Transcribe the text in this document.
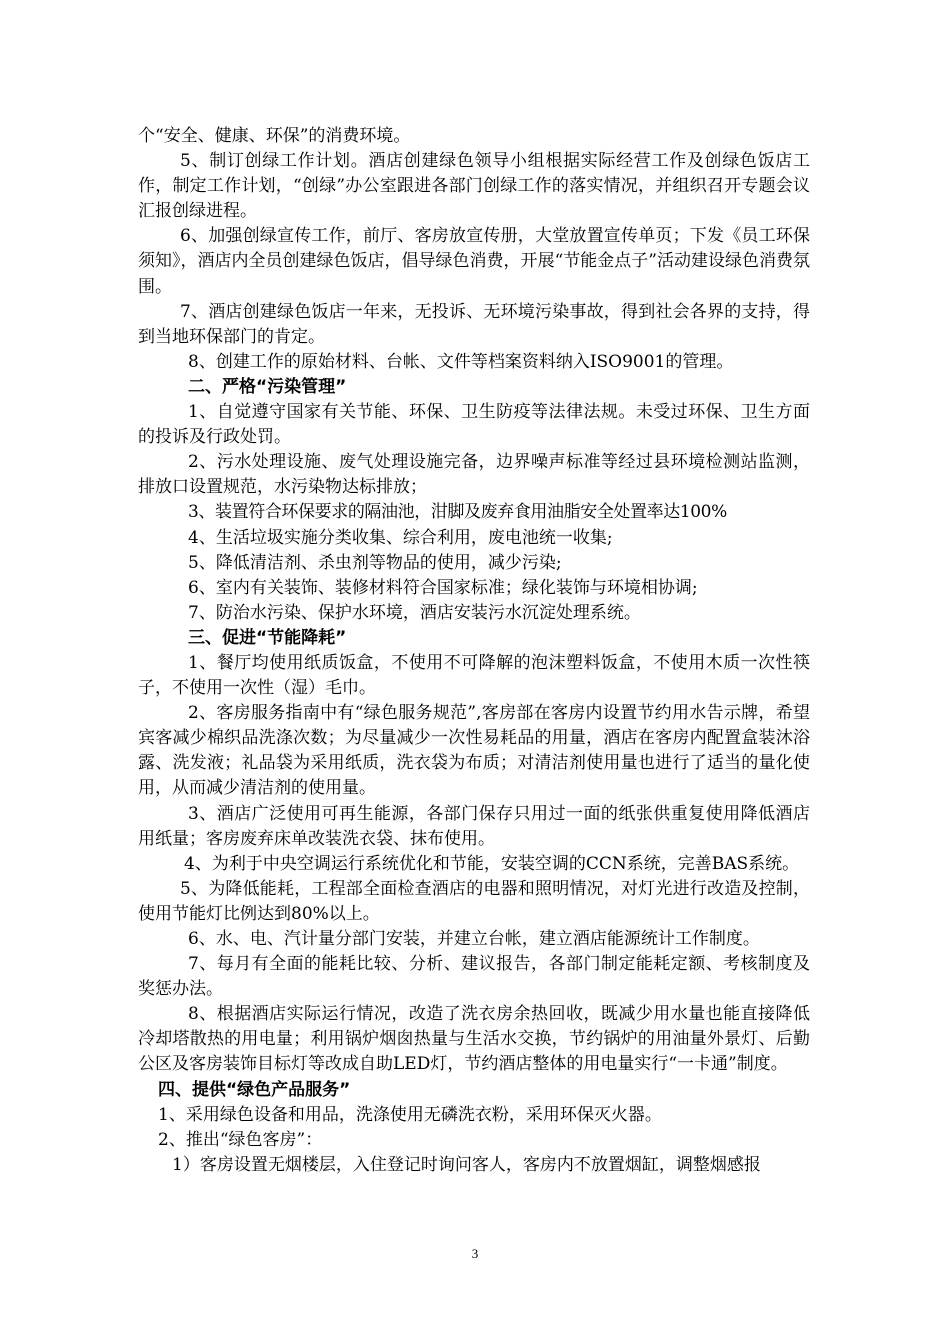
个“安全、健康、环保”的消费环境。

5、制订创绿工作计划。酒店创建绿色领导小组根据实际经营工作及创绿色饭店工作，制定工作计划，“创绿”办公室跟进各部门创绿工作的落实情况，并组织召开专题会议汇报创绿进程。

6、加强创绿宣传工作，前厅、客房放宣传册，大堂放置宣传单页；下发《员工环保须知》，酒店内全员创建绿色饭店，倡导绿色消费，开展“节能金点子”活动建设绿色消费氛围。

7、酒店创建绿色饭店一年来，无投诉、无环境污染事故，得到社会各界的支持，得到当地环保部门的肯定。

8、创建工作的原始材料、台帐、文件等档案资料纳入ISO9001的管理。

二、严格“污染管理”

1、自觉遵守国家有关节能、环保、卫生防疫等法律法规。未受过环保、卫生方面的投诉及行政处罚。

2、污水处理设施、废气处理设施完备，边界噪声标准等经过县环境检测站监测，排放口设置规范，水污染物达标排放；

3、装置符合环保要求的隔油池，泔脚及废弃食用油脂安全处置率达100%

4、生活垃圾实施分类收集、综合利用，废电池统一收集;

5、降低清洁剂、杀虫剂等物品的使用，减少污染;

6、室内有关装饰、装修材料符合国家标准；绿化装饰与环境相协调;

7、防治水污染、保护水环境，酒店安装污水沉淀处理系统。

三、促进“节能降耗”

1、餐厅均使用纸质饭盒，不使用不可降解的泡沫塑料饭盒，不使用木质一次性筷子，不使用一次性（湿）毛巾。

2、客房服务指南中有“绿色服务规范”,客房部在客房内设置节约用水告示牌，希望宾客减少棉织品洗涤次数；为尽量减少一次性易耗品的用量，酒店在客房内配置盒装沐浴露、洗发液；礼品袋为采用纸质，洗衣袋为布质；对清洁剂使用量也进行了适当的量化使用，从而减少清洁剂的使用量。

3、酒店广泛使用可再生能源，各部门保存只用过一面的纸张供重复使用降低酒店用纸量；客房废弃床单改装洗衣袋、抹布使用。

4、为利于中央空调运行系统优化和节能，安装空调的CCN系统，完善BAS系统。

5、为降低能耗，工程部全面检查酒店的电器和照明情况，对灯光进行改造及控制，使用节能灯比例达到80%以上。

6、水、电、汽计量分部门安装，并建立台帐，建立酒店能源统计工作制度。

7、每月有全面的能耗比较、分析、建议报告，各部门制定能耗定额、考核制度及奖惩办法。

8、根据酒店实际运行情况，改造了洗衣房余热回收，既减少用水量也能直接降低冷却塔散热的用电量；利用锅炉烟囱热量与生活水交换，节约锅炉的用油量外景灯、后勤公区及客房装饰目标灯等改成自助LED灯，节约酒店整体的用电量实行“一卡通”制度。

四、提供“绿色产品服务”

1、采用绿色设备和用品，洗涤使用无磷洗衣粉，采用环保灭火器。

2、推出“绿色客房”：

1）客房设置无烟楼层，入住登记时询问客人，客房内不放置烟缸，调整烟感报

3
